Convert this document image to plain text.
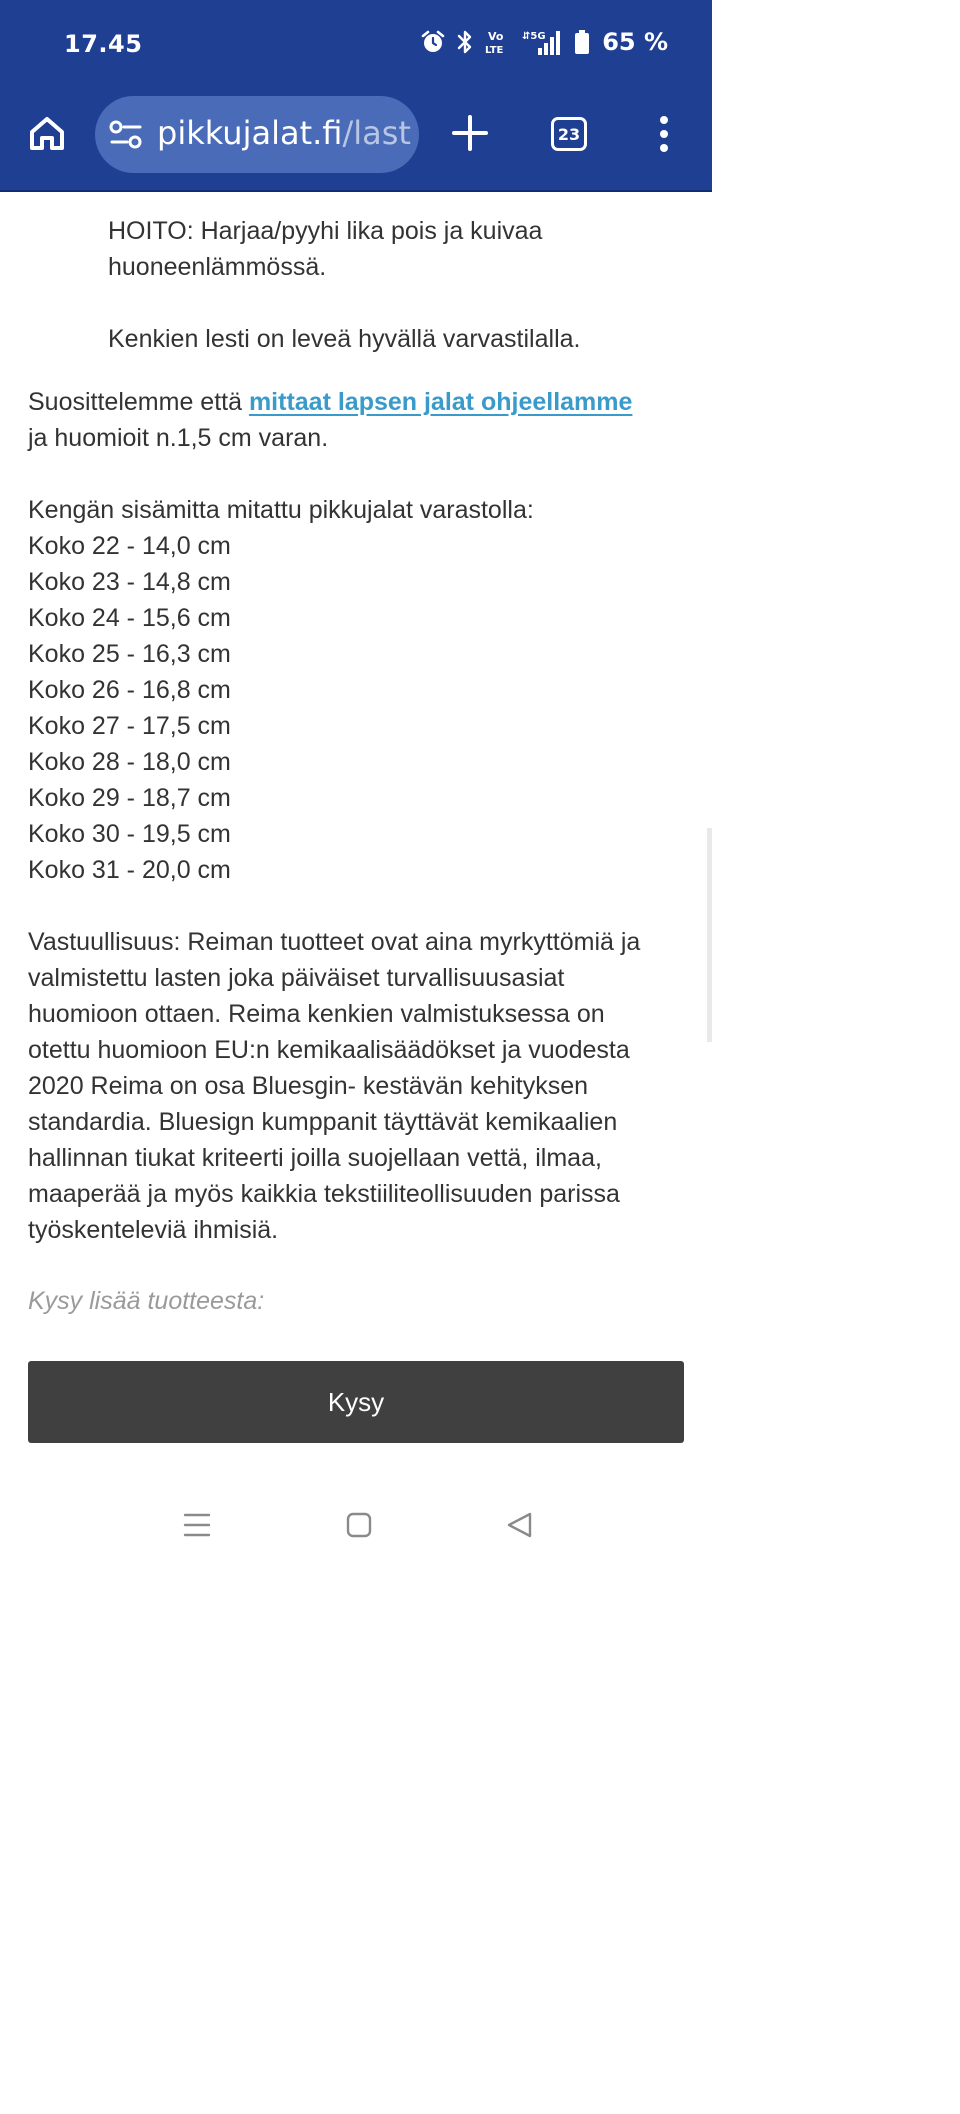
17.45	Vo
LTE
⇵5G 65 %
pikkujalat.fi/last	23
HOITO: Harjaa/pyyhi lika pois ja kuivaa
huoneenlämmössä.
Kenkien lesti on leveä hyvällä varvastilalla.
Suosittelemme että mittaat lapsen jalat ohjeellamme
ja huomioit n.1,5 cm varan.
Kengän sisämitta mitattu pikkujalat varastolla:
Koko 22 - 14,0 cm
Koko 23 - 14,8 cm
Koko 24 - 15,6 cm
Koko 25 - 16,3 cm
Koko 26 - 16,8 cm
Koko 27 - 17,5 cm
Koko 28 - 18,0 cm
Koko 29 - 18,7 cm
Koko 30 - 19,5 cm
Koko 31 - 20,0 cm
Vastuullisuus: Reiman tuotteet ovat aina myrkyttömiä ja
valmistettu lasten joka päiväiset turvallisuusasiat
huomioon ottaen. Reima kenkien valmistuksessa on
otettu huomioon EU:n kemikaalisäädökset ja vuodesta
2020 Reima on osa Bluesgin- kestävän kehityksen
standardia. Bluesign kumppanit täyttävät kemikaalien
hallinnan tiukat kriteerti joilla suojellaan vettä, ilmaa,
maaperää ja myös kaikkia tekstiiliteollisuuden parissa
työskenteleviä ihmisiä.
Kysy lisää tuotteesta:
Kysy
